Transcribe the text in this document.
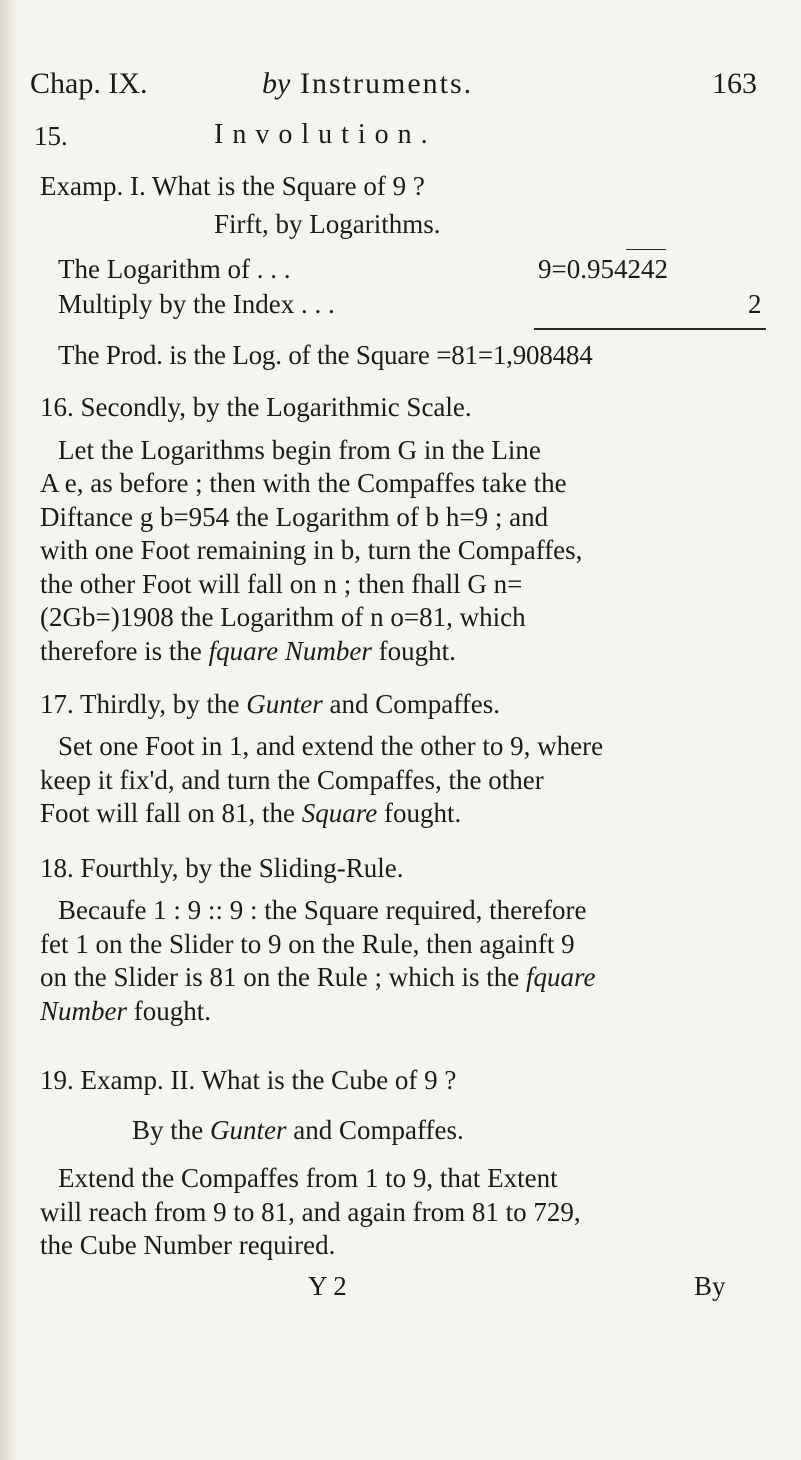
Chap. IX.	by Instruments.	163
15.	Involution.
Examp. I. What is the Square of 9 ?
Firft, by Logarithms.
The Logarithm of . . .	9=0.954242
Multiply by the Index . . .	2
The Prod. is the Log. of the Square =81=1,908484
16. Secondly, by the Logarithmic Scale.
Let the Logarithms begin from G in the Line
A e, as before ; then with the Compaffes take the
Diftance g b=954 the Logarithm of b h=9 ; and
with one Foot remaining in b, turn the Compaffes,
the other Foot will fall on n ; then fhall G n=
(2Gb=)1908 the Logarithm of n o=81, which
therefore is the fquare Number fought.
17. Thirdly, by the Gunter and Compaffes.
Set one Foot in 1, and extend the other to 9, where
keep it fix'd, and turn the Compaffes, the other
Foot will fall on 81, the Square fought.
18. Fourthly, by the Sliding-Rule.
Becaufe 1 : 9 :: 9 : the Square required, therefore
fet 1 on the Slider to 9 on the Rule, then againft 9
on the Slider is 81 on the Rule ; which is the fquare
Number fought.
19. Examp. II. What is the Cube of 9 ?
By the Gunter and Compaffes.
Extend the Compaffes from 1 to 9, that Extent
will reach from 9 to 81, and again from 81 to 729,
the Cube Number required.
Y 2	By
